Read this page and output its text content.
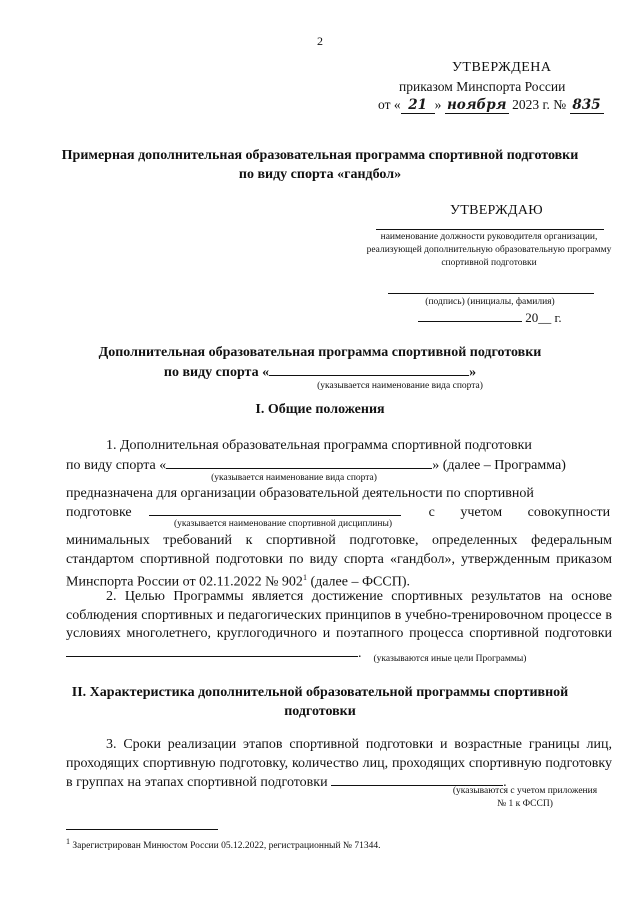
2
УТВЕРЖДЕНА
приказом Минспорта России
от « 21 » ноября 2023 г. № 835
Примерная дополнительная образовательная программа спортивной подготовки по виду спорта «гандбол»
УТВЕРЖДАЮ
наименование должности руководителя организации, реализующей дополнительную образовательную программу спортивной подготовки
(подпись) (инициалы, фамилия)
20__ г.
Дополнительная образовательная программа спортивной подготовки
по виду спорта «	»
(указывается наименование вида спорта)
I. Общие положения
1. Дополнительная образовательная программа спортивной подготовки
по виду спорта «	» (далее – Программа)
(указывается наименование вида спорта)
предназначена для организации образовательной деятельности по спортивной
подготовке	с учетом совокупности
(указывается наименование спортивной дисциплины)
минимальных требований к спортивной подготовке, определенных федеральным стандартом спортивной подготовки по виду спорта «гандбол», утвержденным приказом Минспорта России от 02.11.2022 № $902^1$ (далее – ФССП).
2. Целью Программы является достижение спортивных результатов на основе соблюдения спортивных и педагогических принципов в учебно-тренировочном процессе в условиях многолетнего, круглогодичного и поэтапного процесса спортивной подготовки .	(указываются иные цели Программы)
II. Характеристика дополнительной образовательной программы спортивной подготовки
3. Сроки реализации этапов спортивной подготовки и возрастные границы лиц, проходящих спортивную подготовку, количество лиц, проходящих спортивную подготовку в группах на этапах спортивной подготовки	.
(указываются с учетом приложения
№ 1 к ФССП)
$^1$ Зарегистрирован Минюстом России 05.12.2022, регистрационный № 71344.
